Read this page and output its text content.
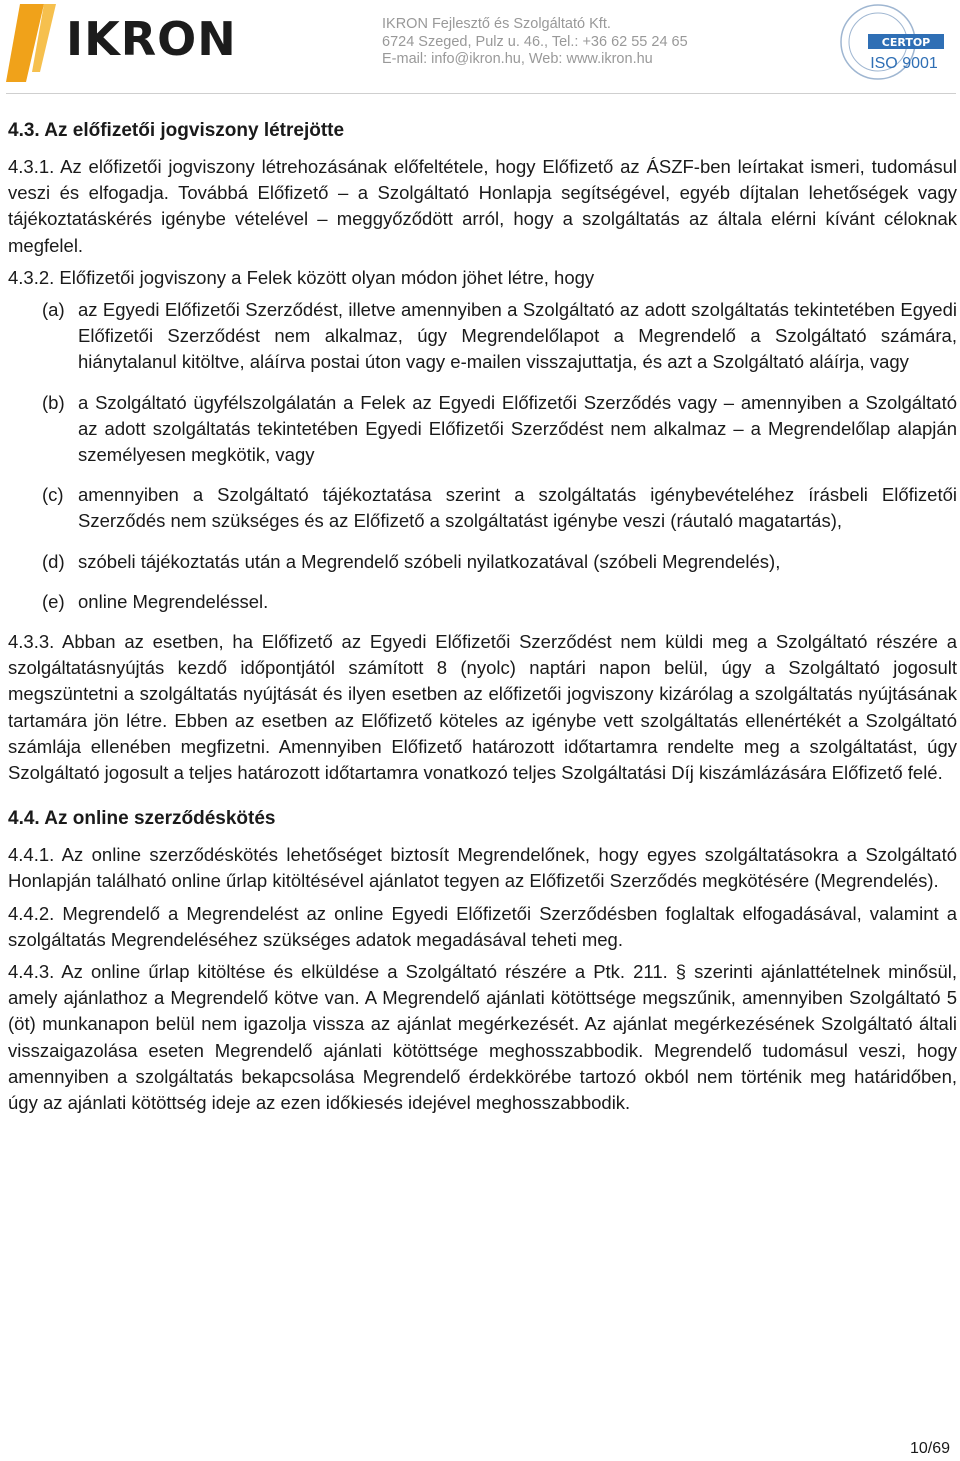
IKRON	IKRON Fejlesztő és Szolgáltató Kft.
6724 Szeged, Pulz u. 46., Tel.: +36 62 55 24 65
E-mail: info@ikron.hu, Web: www.ikron.hu
CERTOP
ISO 9001
4.3. Az előfizetői jogviszony létrejötte
4.3.1. Az előfizetői jogviszony létrehozásának előfeltétele, hogy Előfizető az ÁSZF-ben leírtakat ismeri, tudomásul veszi és elfogadja. Továbbá Előfizető – a Szolgáltató Honlapja segítségével, egyéb díjtalan lehetőségek vagy tájékoztatáskérés igénybe vételével – meggyőződött arról, hogy a szolgáltatás az általa elérni kívánt céloknak megfelel.
4.3.2. Előfizetői jogviszony a Felek között olyan módon jöhet létre, hogy
(a) az Egyedi Előfizetői Szerződést, illetve amennyiben a Szolgáltató az adott szolgáltatás tekintetében Egyedi Előfizetői Szerződést nem alkalmaz, úgy Megrendelőlapot a Megrendelő a Szolgáltató számára, hiánytalanul kitöltve, aláírva postai úton vagy e-mailen visszajuttatja, és azt a Szolgáltató aláírja, vagy
(b) a Szolgáltató ügyfélszolgálatán a Felek az Egyedi Előfizetői Szerződés vagy – amennyiben a Szolgáltató az adott szolgáltatás tekintetében Egyedi Előfizetői Szerződést nem alkalmaz – a Megrendelőlap alapján személyesen megkötik, vagy
(c) amennyiben a Szolgáltató tájékoztatása szerint a szolgáltatás igénybevételéhez írásbeli Előfizetői Szerződés nem szükséges és az Előfizető a szolgáltatást igénybe veszi (ráutaló magatartás),
(d) szóbeli tájékoztatás után a Megrendelő szóbeli nyilatkozatával (szóbeli Megrendelés),
(e) online Megrendeléssel.
4.3.3. Abban az esetben, ha Előfizető az Egyedi Előfizetői Szerződést nem küldi meg a Szolgáltató részére a szolgáltatásnyújtás kezdő időpontjától számított 8 (nyolc) naptári napon belül, úgy a Szolgáltató jogosult megszüntetni a szolgáltatás nyújtását és ilyen esetben az előfizetői jogviszony kizárólag a szolgáltatás nyújtásának tartamára jön létre. Ebben az esetben az Előfizető köteles az igénybe vett szolgáltatás ellenértékét a Szolgáltató számlája ellenében megfizetni. Amennyiben Előfizető határozott időtartamra rendelte meg a szolgáltatást, úgy Szolgáltató jogosult a teljes határozott időtartamra vonatkozó teljes Szolgáltatási Díj kiszámlázására Előfizető felé.
4.4. Az online szerződéskötés
4.4.1. Az online szerződéskötés lehetőséget biztosít Megrendelőnek, hogy egyes szolgáltatásokra a Szolgáltató Honlapján található online űrlap kitöltésével ajánlatot tegyen az Előfizetői Szerződés megkötésére (Megrendelés).
4.4.2. Megrendelő a Megrendelést az online Egyedi Előfizetői Szerződésben foglaltak elfogadásával, valamint a szolgáltatás Megrendeléséhez szükséges adatok megadásával teheti meg.
4.4.3. Az online űrlap kitöltése és elküldése a Szolgáltató részére a Ptk. 211. § szerinti ajánlattételnek minősül, amely ajánlathoz a Megrendelő kötve van. A Megrendelő ajánlati kötöttsége megszűnik, amennyiben Szolgáltató 5 (öt) munkanapon belül nem igazolja vissza az ajánlat megérkezését. Az ajánlat megérkezésének Szolgáltató általi visszaigazolása eseten Megrendelő ajánlati kötöttsége meghosszabbodik. Megrendelő tudomásul veszi, hogy amennyiben a szolgáltatás bekapcsolása Megrendelő érdekkörébe tartozó okból nem történik meg határidőben, úgy az ajánlati kötöttség ideje az ezen időkiesés idejével meghosszabbodik.
10/69
